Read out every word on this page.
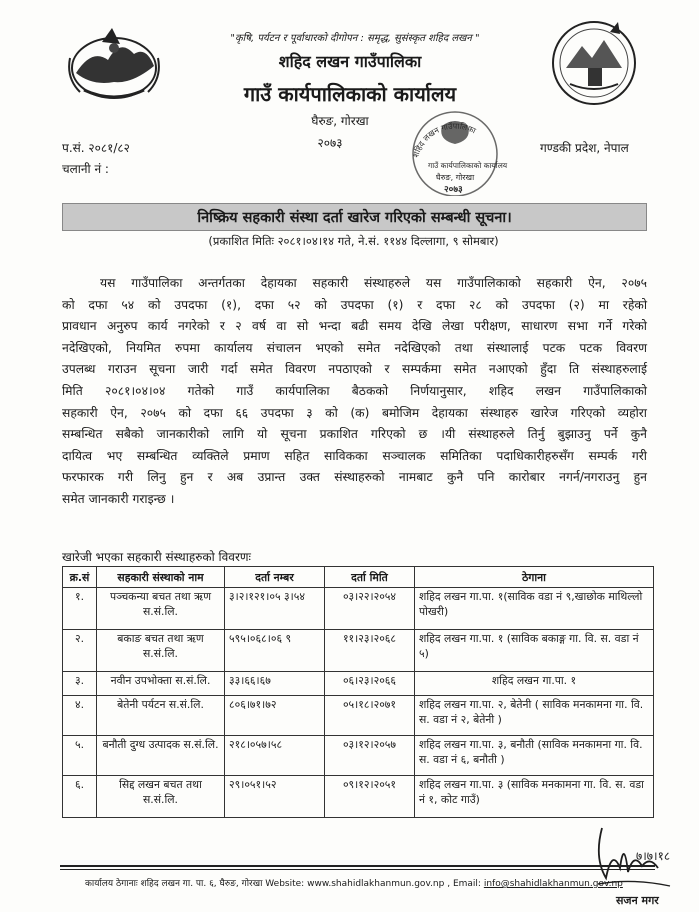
"कृषि, पर्यटन र पूर्वाधारको दीगोपन : समृद्ध, सुसंस्कृत शहिद लखन "
शहिद लखन गाउँपालिका
गाउँ कार्यपालिकाको कार्यालय
घैरुङ, गोरखा
२०७३
प.सं. २०८१/८२
चलानी नं :
गण्डकी प्रदेश, नेपाल
शहिद लखन गाउँपालिका
गाउँ कार्यपालिकाको कार्यालय
घैरुङ, गोरखा
२०७३
निष्क्रिय सहकारी संस्था दर्ता खारेज गरिएको सम्बन्धी सूचना।
(प्रकाशित मितिः २०८१।०४।१४ गते, ने.सं. ११४४ दिल्लागा, ९ सोमबार)
यस गाउँपालिका अन्तर्गतका देहायका सहकारी संस्थाहरुले यस गाउँपालिकाको सहकारी ऐन, २०७५
को दफा ५४ को उपदफा (१), दफा ५२ को उपदफा (१) र दफा २८ को उपदफा (२) मा रहेको
प्रावधान अनुरुप कार्य नगरेको र २ वर्ष वा सो भन्दा बढी समय देखि लेखा परीक्षण, साधारण सभा गर्ने गरेको
नदेखिएको, नियमित रुपमा कार्यालय संचालन भएको समेत नदेखिएको तथा संस्थालाई पटक पटक विवरण
उपलब्ध गराउन सूचना जारी गर्दा समेत विवरण नपठाएको र सम्पर्कमा समेत नआएको हुँदा ति संस्थाहरुलाई
मिति २०८१।०४।०४ गतेको गाउँ कार्यपालिका बैठकको निर्णयानुसार, शहिद लखन गाउँपालिकाको
सहकारी ऐन, २०७५ को दफा ६६ उपदफा ३ को (क) बमोजिम देहायका संस्थाहरु खारेज गरिएको व्यहोरा
सम्बन्धित सबैको जानकारीको लागि यो सूचना प्रकाशित गरिएको छ ।यी संस्थाहरुले तिर्नु बुझाउनु पर्ने कुनै
दायित्व भए सम्बन्धित व्यक्तिले प्रमाण सहित साविकका सञ्चालक समितिका पदाधिकारीहरुसँग सम्पर्क गरी
फरफारक गरी लिनु हुन र अब उप्रान्त उक्त संस्थाहरुको नामबाट कुनै पनि कारोबार नगर्न/नगराउनु हुन
समेत जानकारी गराइन्छ ।
खारेजी भएका सहकारी संस्थाहरुको विवरणः
क्र.सं	सहकारी संस्थाको नाम	दर्ता नम्बर	दर्ता मिति	ठेगाना
१.	पञ्चकन्या बचत तथा ऋण स.सं.लि.	३।२।१२१।०५ ३।५४	०३।२२।२०५४	शहिद लखन गा.पा. १(साविक वडा नं ९,खाछोक माथिल्लो पोखरी)
२.	बकाङ बचत तथा ऋण स.सं.लि.	५९५।०६८।०६ ९	११।२३।२०६८	शहिद लखन गा.पा. १ (साविक बकाङ्ग गा. वि. स. वडा नं ५)
३.	नवीन उपभोक्ता स.सं.लि.	३३।६६।६७	०६।२३।२०६६	शहिद लखन गा.पा. १
४.	बेतेनी पर्यटन स.सं.लि.	८०६।७१।७२	०५।१८।२०७१	शहिद लखन गा.पा. २, बेतेनी ( साविक मनकामना गा. वि. स. वडा नं २, बेतेनी )
५.	बनौती दुग्ध उत्पादक स.सं.लि.	२१८।०५७।५८	०३।१२।२०५७	शहिद लखन गा.पा. ३, बनौती (साविक मनकामना गा. वि. स. वडा नं ६, बनौती )
६.	सिद्द लखन बचत तथा स.सं.लि.	२९।०५१।५२	०९।१२।२०५१	शहिद लखन गा.पा. ३ (साविक मनकामना गा. वि. स. वडा नं १, कोट गाउँ)
७।७।१८
सजन मगर
कार्यालय ठेगानाः शहिद लखन गा. पा. ६, घैरुङ, गोरखा Website: www.shahidlakhanmun.gov.np , Email: info@shahidlakhanmun.gov.np
